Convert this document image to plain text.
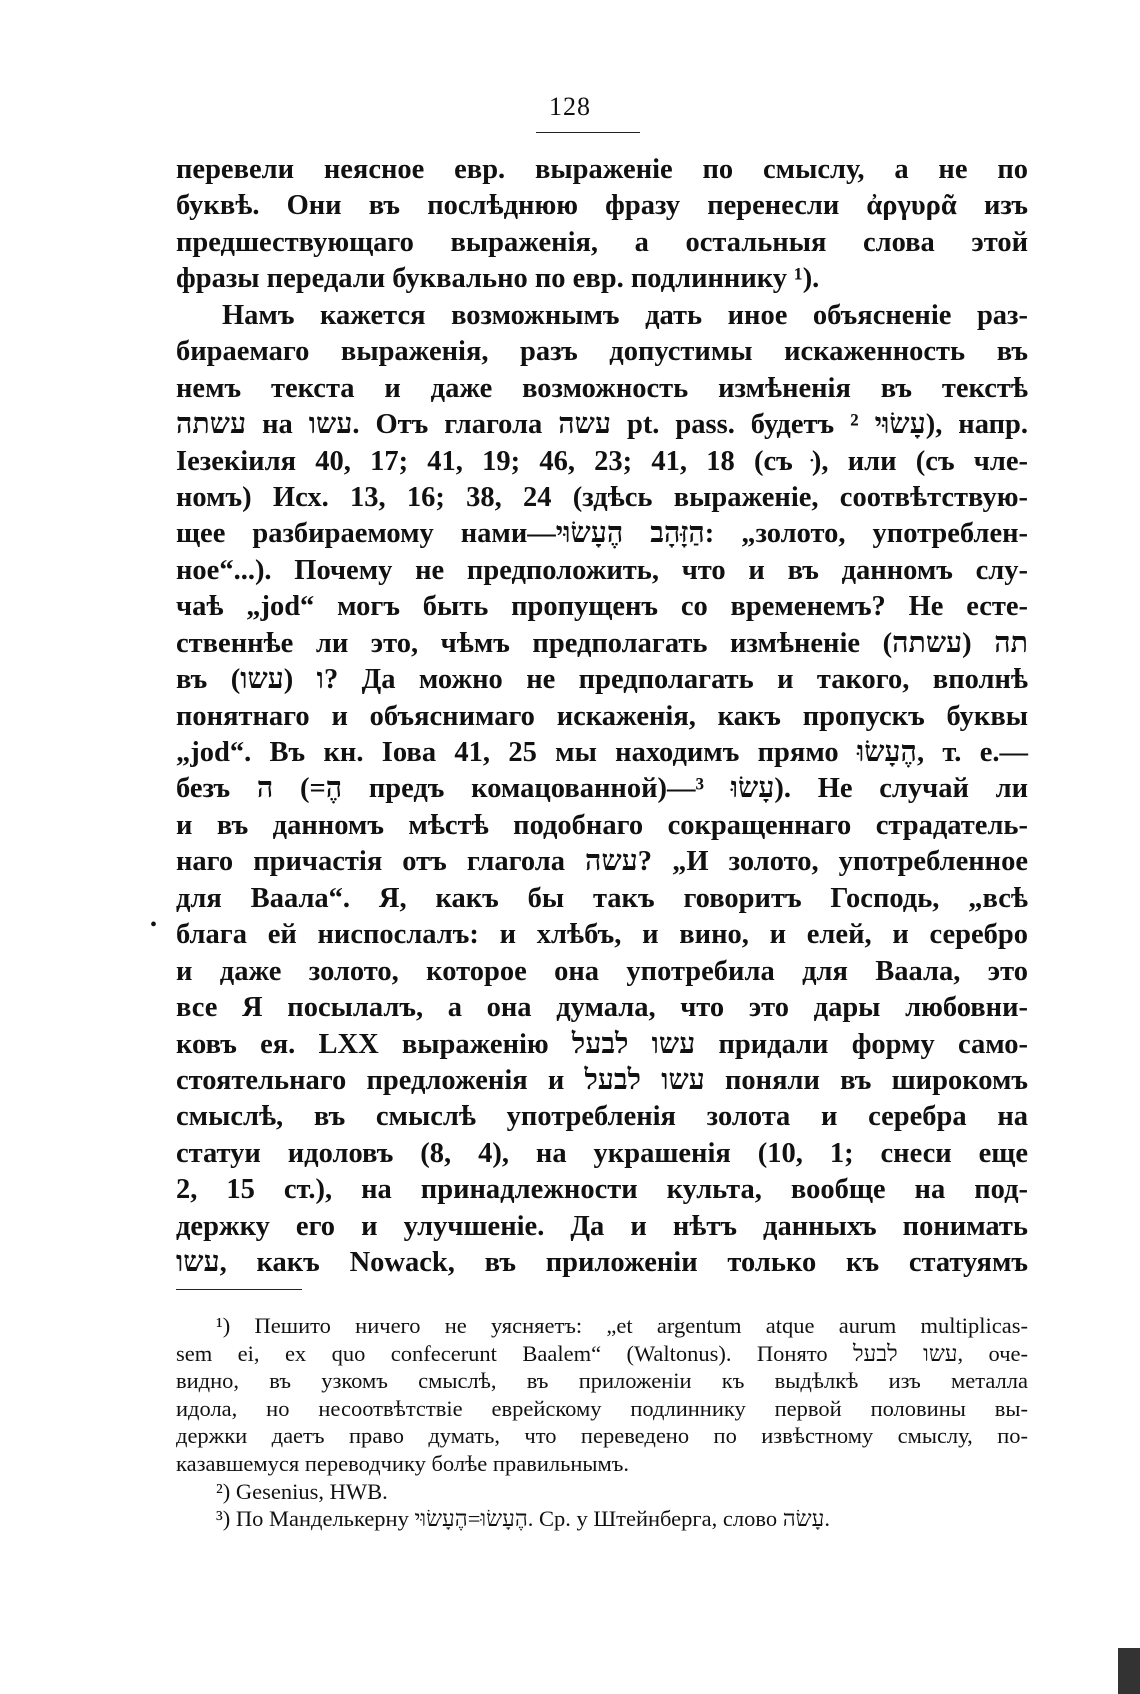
128
перевели неясное евр. выраженіе по смыслу, а не по
буквѣ. Они въ послѣднюю фразу перенесли ἀργυρᾶ изъ
предшествующаго выраженія, а остальныя слова этой
фразы передали буквально по евр. подлиннику ¹).
Намъ кажется возможнымъ дать иное объясненіе раз-
бираемаго выраженія, разъ допустимы искаженность въ
немъ текста и даже возможность измѣненія въ текстѣ
עשתה на עשו. Отъ глагола עשה pt. pass. будетъ עָשׂוּי ²), напр.
Іезекіиля 40, 17; 41, 19; 46, 23; 41, 18 (съ ּ), или (съ чле-
номъ) Исх. 13, 16; 38, 24 (здѣсь выраженіе, соотвѣтствую-
щее разбираемому нами—הַזָּהָב הֶעָשׂוּי: „золото, употреблен-
ное“...). Почему не предположить, что и въ данномъ слу-
чаѣ „jod“ могъ быть пропущенъ со временемъ? Не есте-
ственнѣе ли это, чѣмъ предполагать измѣненіе תה (עשתה)
въ ו (עשו)? Да можно не предполагать и такого, вполнѣ
понятнаго и объяснимаго искаженія, какъ пропускъ буквы
„jod“. Въ кн. Іова 41, 25 мы находимъ прямо הֶעָשׂוּ, т. е.—
безъ ה (=הֶ предъ комацованной)—עָשׂוּ ³). Не случай ли
и въ данномъ мѣстѣ подобнаго сокращеннаго страдатель-
наго причастія отъ глагола עשה? „И золото, употребленное
для Ваала“. Я, какъ бы такъ говоритъ Господь, „всѣ
блага ей ниспослалъ: и хлѣбъ, и вино, и елей, и серебро
и даже золото, которое она употребила для Ваала, это
все Я посылалъ, а она думала, что это дары любовни-
ковъ ея. LXX выраженію עשו לבעל придали форму само-
стоятельнаго предложенія и עשו לבעל поняли въ широкомъ
смыслѣ, въ смыслѣ употребленія золота и серебра на
статуи идоловъ (8, 4), на украшенія (10, 1; снеси еще
2, 15 ст.), на принадлежности культа, вообще на под-
держку его и улучшеніе. Да и нѣтъ данныхъ понимать
עשו, какъ Nowack, въ приложеніи только къ статуямъ
•
¹) Пешито ничего не уясняетъ: „et argentum atque aurum multiplicas-
sem ei, ex quo confecerunt Baalem“ (Waltonus). Понято עשו לבעל, оче-
видно, въ узкомъ смыслѣ, въ приложеніи къ выдѣлкѣ изъ металла
идола, но несоотвѣтствіе еврейскому подлиннику первой половины вы-
держки даетъ право думать, что переведено по извѣстному смыслу, по-
казавшемуся переводчику болѣе правильнымъ.
²) Gesenius, HWB.
³) По Манделькерну הֶעָשׂוּ=הֶעָשׂוּי. Ср. у Штейнберга, слово עָשׂה.
